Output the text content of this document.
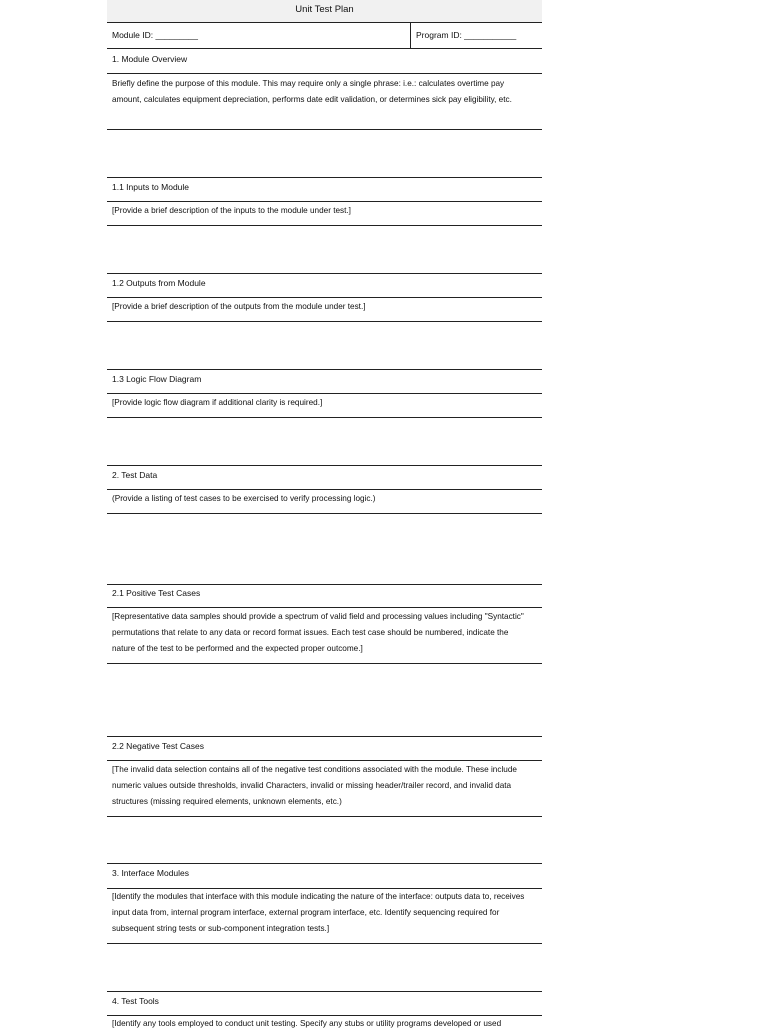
Unit Test Plan
Module ID: _________	Program ID: ___________
1. Module Overview
Briefly define the purpose of this module. This may require only a single phrase: i.e.: calculates overtime pay amount, calculates equipment depreciation, performs date edit validation, or determines sick pay eligibility, etc.
1.1 Inputs to Module
[Provide a brief description of the inputs to the module under test.]
1.2 Outputs from Module
[Provide a brief description of the outputs from the module under test.]
1.3 Logic Flow Diagram
[Provide logic flow diagram if additional clarity is required.]
2. Test Data
(Provide a listing of test cases to be exercised to verify processing logic.)
2.1 Positive Test Cases
[Representative data samples should provide a spectrum of valid field and processing values including "Syntactic" permutations that relate to any data or record format issues. Each test case should be numbered, indicate the nature of the test to be performed and the expected proper outcome.]
2.2 Negative Test Cases
[The invalid data selection contains all of the negative test conditions associated with the module. These include numeric values outside thresholds, invalid Characters, invalid or missing header/trailer record, and invalid data structures (missing required elements, unknown elements, etc.)
3. Interface Modules
[Identify the modules that interface with this module indicating the nature of the interface: outputs data to, receives input data from, internal program interface, external program interface, etc. Identify sequencing required for subsequent string tests or sub-component integration tests.]
4. Test Tools
[Identify any tools employed to conduct unit testing. Specify any stubs or utility programs developed or used
